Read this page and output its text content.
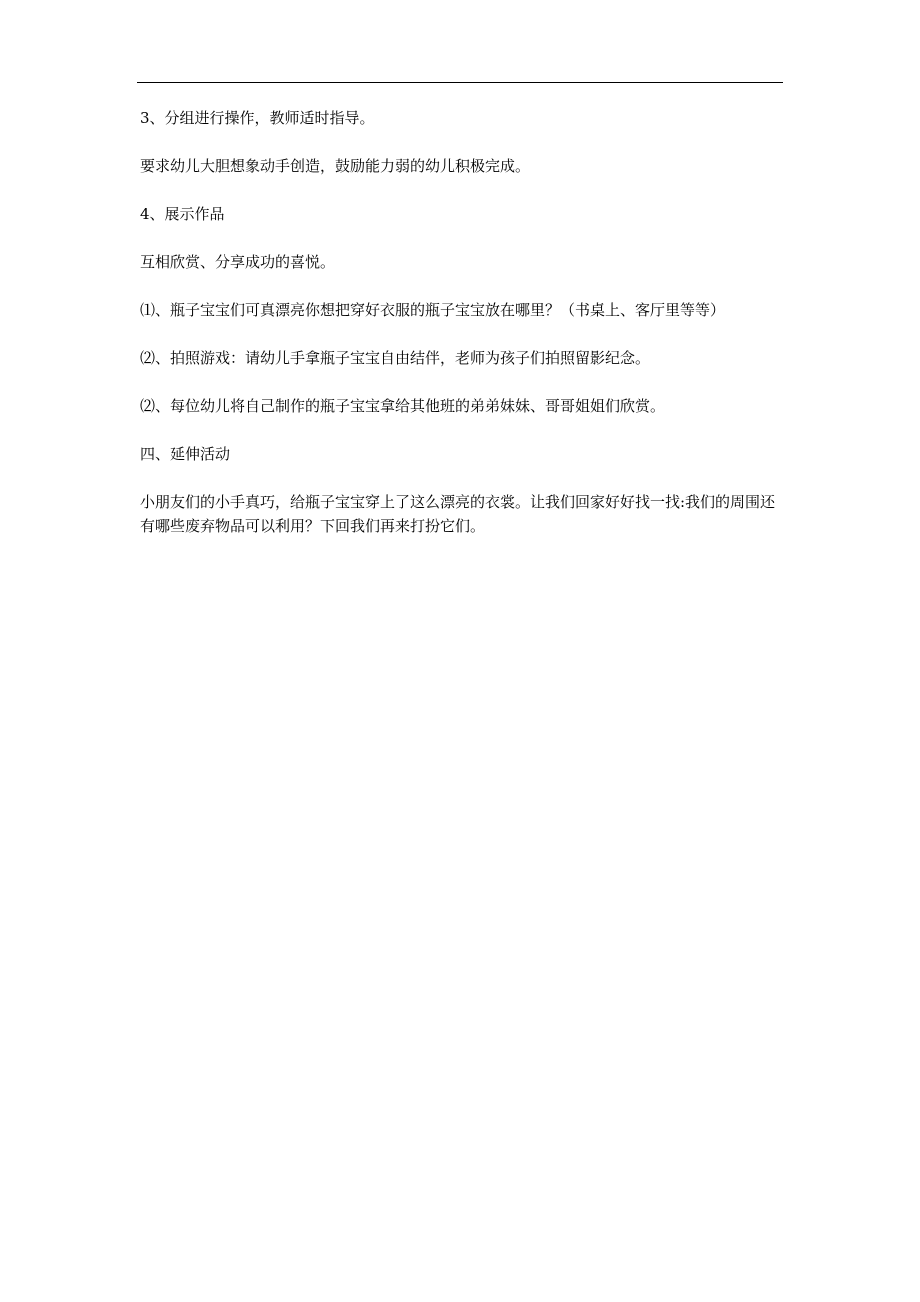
3、分组进行操作，教师适时指导。

要求幼儿大胆想象动手创造，鼓励能力弱的幼儿积极完成。

4、展示作品

互相欣赏、分享成功的喜悦。

⑴、瓶子宝宝们可真漂亮你想把穿好衣服的瓶子宝宝放在哪里？（书桌上、客厅里等等）

⑵、拍照游戏：请幼儿手拿瓶子宝宝自由结伴，老师为孩子们拍照留影纪念。

⑵、每位幼儿将自己制作的瓶子宝宝拿给其他班的弟弟妹妹、哥哥姐姐们欣赏。

四、延伸活动

小朋友们的小手真巧，给瓶子宝宝穿上了这么漂亮的衣裳。让我们回家好好找一找:我们的周围还有哪些废弃物品可以利用？下回我们再来打扮它们。
